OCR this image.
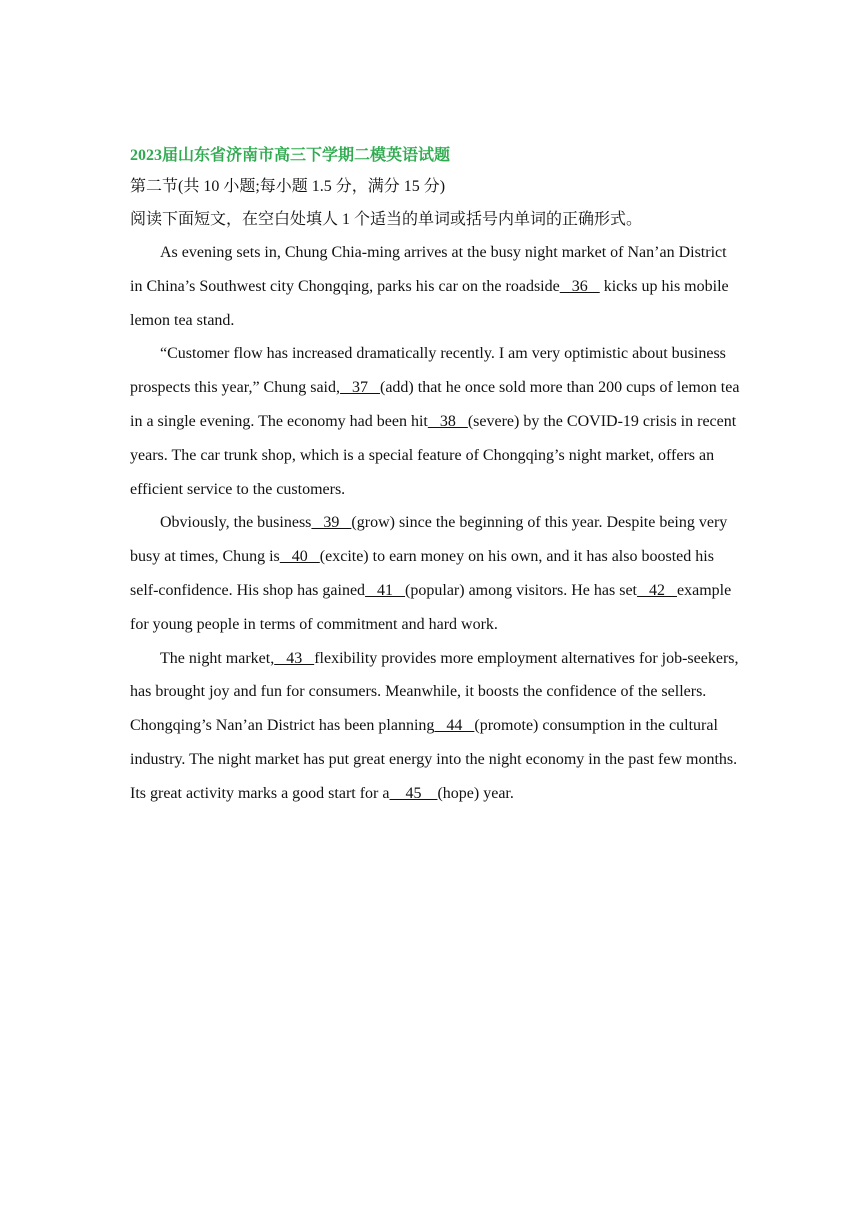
2023届山东省济南市高三下学期二模英语试题

第二节(共 10 小题;每小题 1.5 分，满分 15 分)

阅读下面短文，在空白处填人 1 个适当的单词或括号内单词的正确形式。

As evening sets in, Chung Chia-ming arrives at the busy night market of Nan’an District in China’s Southwest city Chongqing, parks his car on the roadside   36    kicks up his mobile lemon tea stand.

“Customer flow has increased dramatically recently. I am very optimistic about business prospects this year,” Chung said,   37   (add) that he once sold more than 200 cups of lemon tea in a single evening. The economy had been hit   38   (severe) by the COVID-19 crisis in recent years. The car trunk shop, which is a special feature of Chongqing’s night market, offers an efficient service to the customers.

Obviously, the business   39   (grow) since the beginning of this year. Despite being very busy at times, Chung is   40   (excite) to earn money on his own, and it has also boosted his self-confidence. His shop has gained   41   (popular) among visitors. He has set   42   example for young people in terms of commitment and hard work.

The night market,   43   flexibility provides more employment alternatives for job-seekers, has brought joy and fun for consumers. Meanwhile, it boosts the confidence of the sellers. Chongqing’s Nan’an District has been planning   44   (promote) consumption in the cultural industry. The night market has put great energy into the night economy in the past few months. Its great activity marks a good start for a    45    (hope) year.
